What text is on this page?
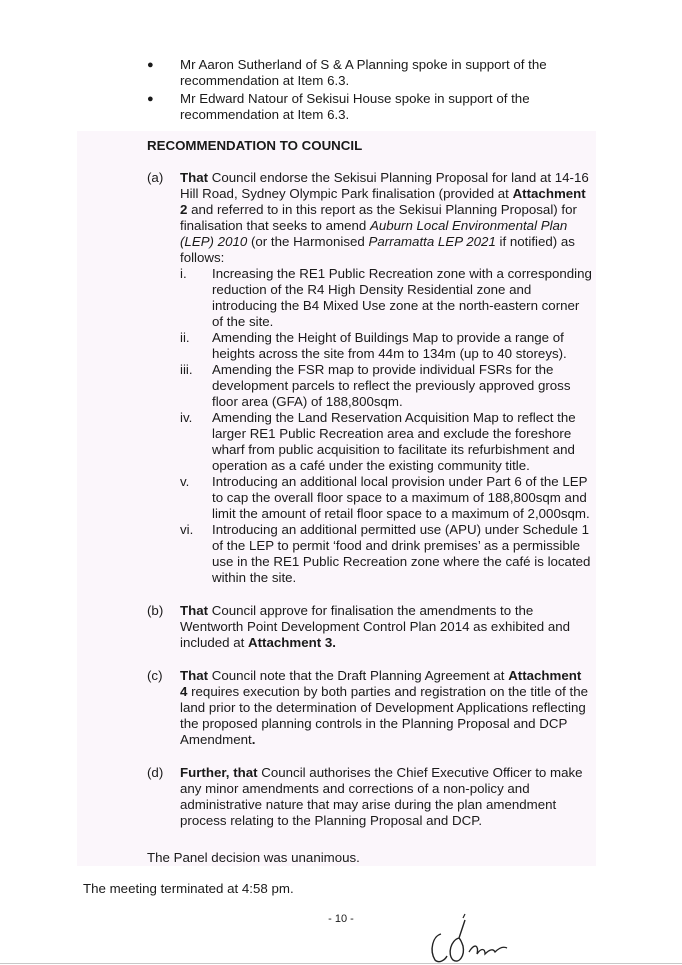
●	Mr Aaron Sutherland of S & A Planning spoke in support of the recommendation at Item 6.3.
●	Mr Edward Natour of Sekisui House spoke in support of the recommendation at Item 6.3.
RECOMMENDATION TO COUNCIL
(a)	That Council endorse the Sekisui Planning Proposal for land at 14-16 Hill Road, Sydney Olympic Park finalisation (provided at Attachment 2 and referred to in this report as the Sekisui Planning Proposal) for finalisation that seeks to amend Auburn Local Environmental Plan (LEP) 2010 (or the Harmonised Parramatta LEP 2021 if notified) as follows:
i.	Increasing the RE1 Public Recreation zone with a corresponding reduction of the R4 High Density Residential zone and introducing the B4 Mixed Use zone at the north-eastern corner of the site.
ii.	Amending the Height of Buildings Map to provide a range of heights across the site from 44m to 134m (up to 40 storeys).
iii.	Amending the FSR map to provide individual FSRs for the development parcels to reflect the previously approved gross floor area (GFA) of 188,800sqm.
iv.	Amending the Land Reservation Acquisition Map to reflect the larger RE1 Public Recreation area and exclude the foreshore wharf from public acquisition to facilitate its refurbishment and operation as a café under the existing community title.
v.	Introducing an additional local provision under Part 6 of the LEP to cap the overall floor space to a maximum of 188,800sqm and limit the amount of retail floor space to a maximum of 2,000sqm.
vi.	Introducing an additional permitted use (APU) under Schedule 1 of the LEP to permit ‘food and drink premises’ as a permissible use in the RE1 Public Recreation zone where the café is located within the site.
(b)	That Council approve for finalisation the amendments to the Wentworth Point Development Control Plan 2014 as exhibited and included at Attachment 3.
(c)	That Council note that the Draft Planning Agreement at Attachment 4 requires execution by both parties and registration on the title of the land prior to the determination of Development Applications reflecting the proposed planning controls in the Planning Proposal and DCP Amendment.
(d)	Further, that Council authorises the Chief Executive Officer to make any minor amendments and corrections of a non-policy and administrative nature that may arise during the plan amendment process relating to the Planning Proposal and DCP.
The Panel decision was unanimous.
The meeting terminated at 4:58 pm.
- 10 -
